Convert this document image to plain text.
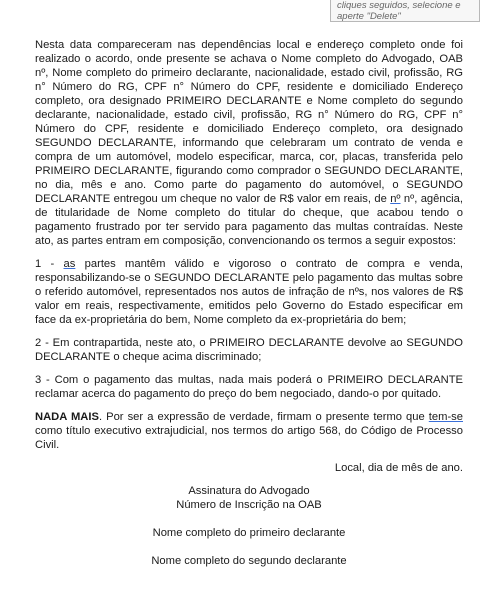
cliques seguidos, selecione e
aperte "Delete"

Nesta data compareceram nas dependências local e endereço completo onde foi realizado o acordo, onde presente se achava o Nome completo do Advogado, OAB nº, Nome completo do primeiro declarante, nacionalidade, estado civil, profissão, RG n° Número do RG, CPF n° Número do CPF, residente e domiciliado Endereço completo, ora designado PRIMEIRO DECLARANTE e Nome completo do segundo declarante, nacionalidade, estado civil, profissão, RG n° Número do RG, CPF n° Número do CPF, residente e domiciliado Endereço completo, ora designado SEGUNDO DECLARANTE, informando que celebraram um contrato de venda e compra de um automóvel, modelo especificar, marca, cor, placas, transferida pelo PRIMEIRO DECLARANTE, figurando como comprador o SEGUNDO DECLARANTE, no dia, mês e ano. Como parte do pagamento do automóvel, o SEGUNDO DECLARANTE entregou um cheque no valor de R$ valor em reais, de nº nº, agência, de titularidade de Nome completo do titular do cheque, que acabou tendo o pagamento frustrado por ter servido para pagamento das multas contraídas. Neste ato, as partes entram em composição, convencionando os termos a seguir expostos:

1 - as partes mantêm válido e vigoroso o contrato de compra e venda, responsabilizando-se o SEGUNDO DECLARANTE pelo pagamento das multas sobre o referido automóvel, representados nos autos de infração de nºs, nos valores de R$ valor em reais, respectivamente, emitidos pelo Governo do Estado especificar em face da ex-proprietária do bem, Nome completo da ex-proprietária do bem;

2 - Em contrapartida, neste ato, o PRIMEIRO DECLARANTE devolve ao SEGUNDO DECLARANTE o cheque acima discriminado;

3 - Com o pagamento das multas, nada mais poderá o PRIMEIRO DECLARANTE reclamar acerca do pagamento do preço do bem negociado, dando-o por quitado.

NADA MAIS. Por ser a expressão de verdade, firmam o presente termo que tem-se como título executivo extrajudicial, nos termos do artigo 568, do Código de Processo Civil.

Local, dia de mês de ano.

Assinatura do Advogado

Número de Inscrição na OAB

Nome completo do primeiro declarante

Nome completo do segundo declarante
